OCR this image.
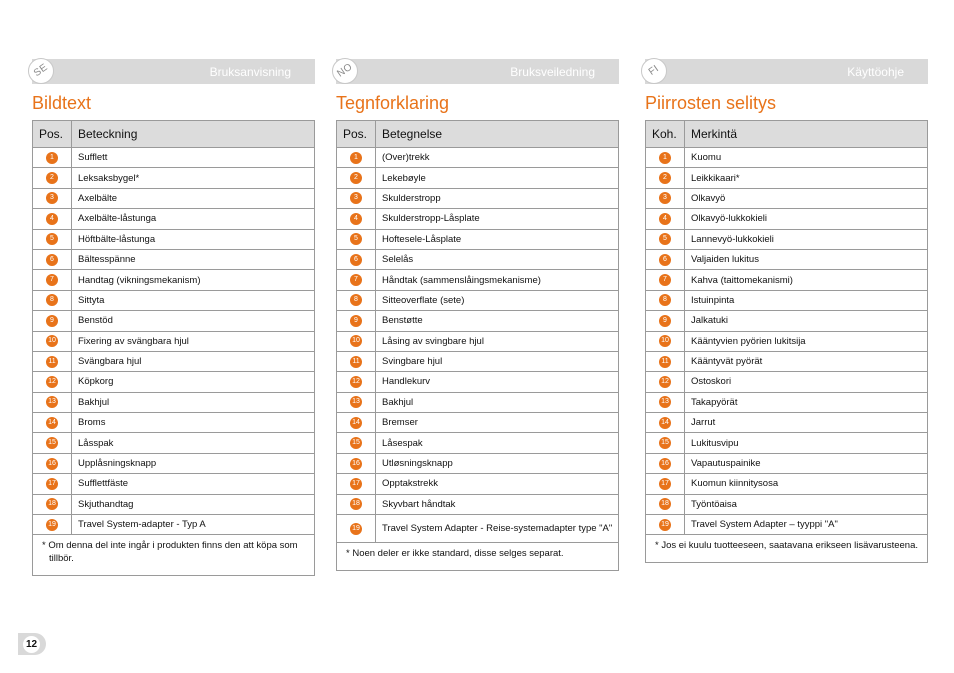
SE	Bruksanvisning
Bildtext
Pos.	Beteckning
1	Sufflett
2	Leksaksbygel*
3	Axelbälte
4	Axelbälte-låstunga
5	Höftbälte-låstunga
6	Bältesspänne
7	Handtag (vikningsmekanism)
8	Sittyta
9	Benstöd
10	Fixering av svängbara hjul
11	Svängbara hjul
12	Köpkorg
13	Bakhjul
14	Broms
15	Låsspak
16	Upplåsningsknapp
17	Sufflettfäste
18	Skjuthandtag
19	Travel System-adapter - Typ A

* Om denna del inte ingår i produkten finns den att köpa som tillbör.	
NO	Bruksveiledning
Tegnforklaring
Pos.	Betegnelse
1	(Over)trekk
2	Lekebøyle
3	Skulderstropp
4	Skulderstropp-Låsplate
5	Hoftesele-Låsplate
6	Selelås
7	Håndtak (sammenslåingsmekanisme)
8	Sitteoverflate (sete)
9	Benstøtte
10	Låsing av svingbare hjul
11	Svingbare hjul
12	Handlekurv
13	Bakhjul
14	Bremser
15	Låsespak
16	Utløsningsknapp
17	Opptakstrekk
18	Skyvbart håndtak
19	Travel System Adapter - Reise-systemadapter type "A"

* Noen deler er ikke standard, disse selges separat.	
FI	Käyttöohje
Piirrosten selitys
Koh.	Merkintä
1	Kuomu
2	Leikkikaari*
3	Olkavyö
4	Olkavyö-lukkokieli
5	Lannevyö-lukkokieli
6	Valjaiden lukitus
7	Kahva (taittomekanismi)
8	Istuinpinta
9	Jalkatuki
10	Kääntyvien pyörien lukitsija
11	Kääntyvät pyörät
12	Ostoskori
13	Takapyörät
14	Jarrut
15	Lukitusvipu
16	Vapautuspainike
17	Kuomun kiinnitysosa
18	Työntöaisa
19	Travel System Adapter – tyyppi "A"

* Jos ei kuulu tuotteeseen, saatavana erikseen lisävarusteena.	
12
